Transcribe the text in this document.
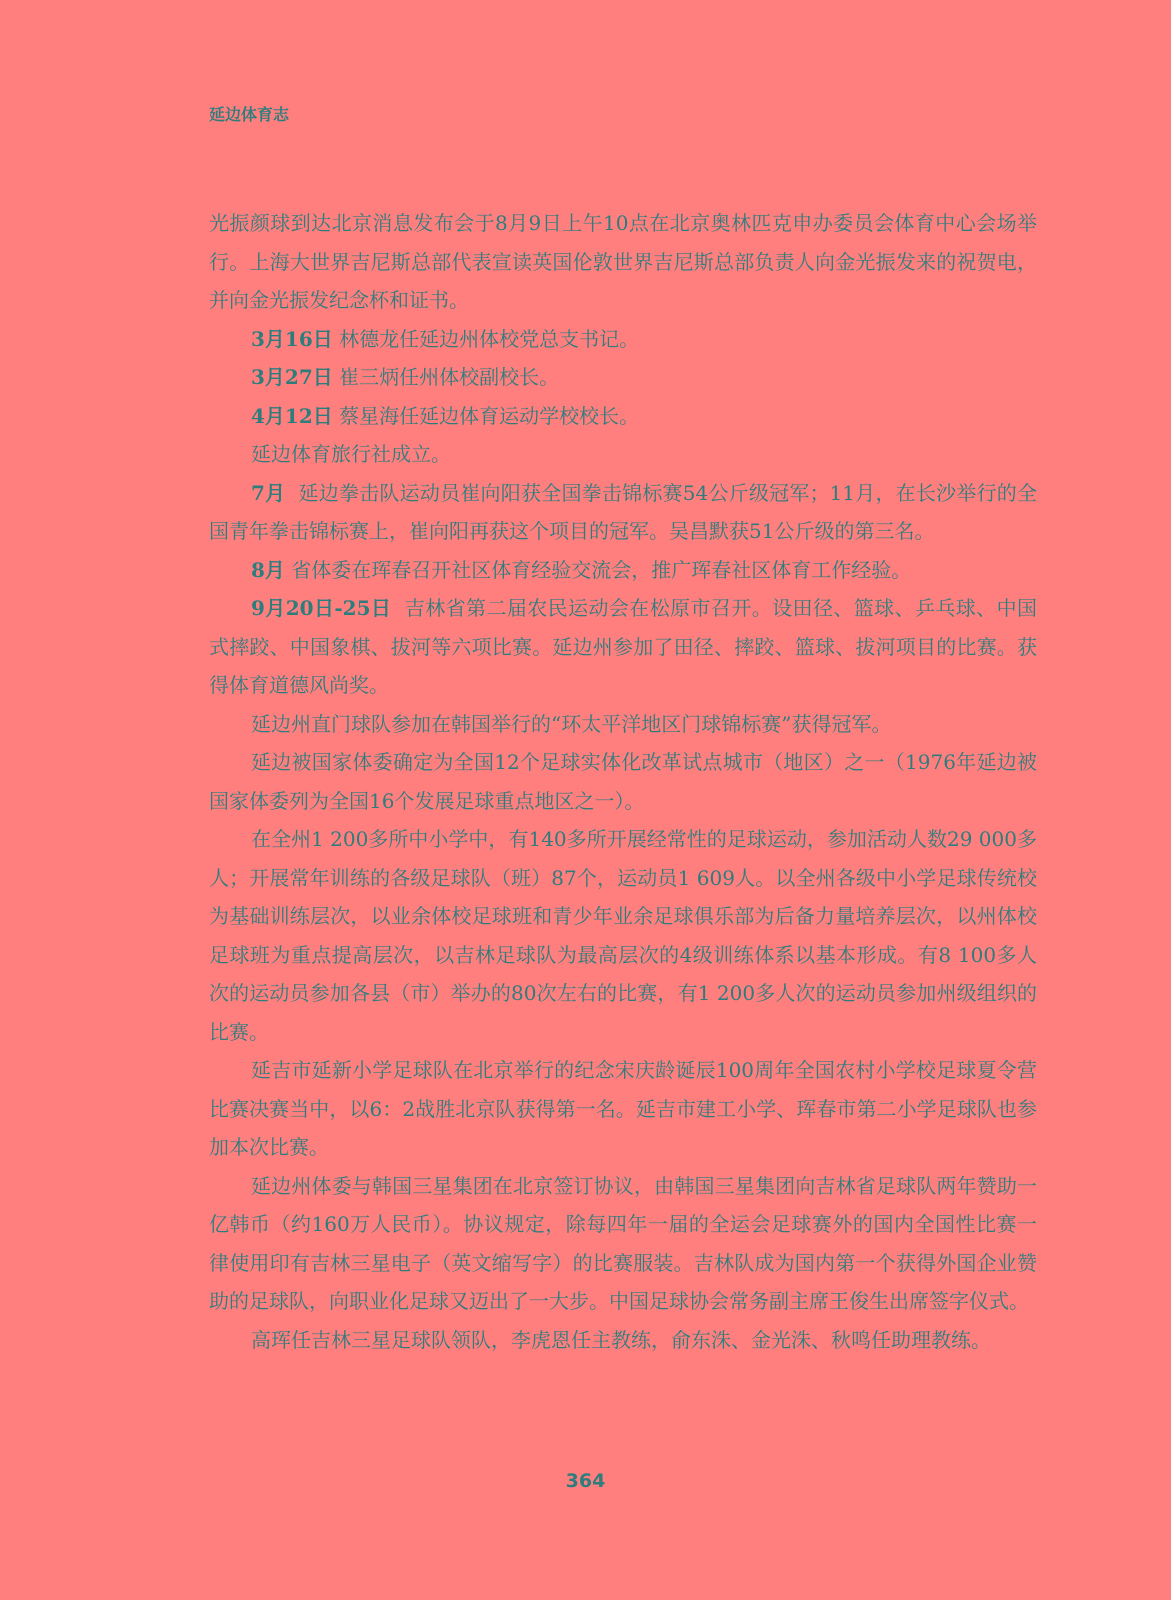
延边体育志

光振颜球到达北京消息发布会于8月9日上午10点在北京奥林匹克申办委员会体育中心会场举行。上海大世界吉尼斯总部代表宣读英国伦敦世界吉尼斯总部负责人向金光振发来的祝贺电，并向金光振发纪念杯和证书。

3月16日 林德龙任延边州体校党总支书记。

3月27日 崔三炳任州体校副校长。

4月12日 蔡星海任延边体育运动学校校长。

延边体育旅行社成立。

7月 延边拳击队运动员崔向阳获全国拳击锦标赛54公斤级冠军；11月，在长沙举行的全国青年拳击锦标赛上，崔向阳再获这个项目的冠军。吴昌默获51公斤级的第三名。

8月 省体委在珲春召开社区体育经验交流会，推广珲春社区体育工作经验。

9月20日-25日 吉林省第二届农民运动会在松原市召开。设田径、篮球、乒乓球、中国式摔跤、中国象棋、拔河等六项比赛。延边州参加了田径、摔跤、篮球、拔河项目的比赛。获得体育道德风尚奖。

延边州直门球队参加在韩国举行的“环太平洋地区门球锦标赛”获得冠军。

延边被国家体委确定为全国12个足球实体化改革试点城市（地区）之一（1976年延边被国家体委列为全国16个发展足球重点地区之一）。

在全州1 200多所中小学中，有140多所开展经常性的足球运动，参加活动人数29 000多人；开展常年训练的各级足球队（班）87个，运动员1 609人。以全州各级中小学足球传统校为基础训练层次，以业余体校足球班和青少年业余足球俱乐部为后备力量培养层次，以州体校足球班为重点提高层次，以吉林足球队为最高层次的4级训练体系以基本形成。有8 100多人次的运动员参加各县（市）举办的80次左右的比赛，有1 200多人次的运动员参加州级组织的比赛。

延吉市延新小学足球队在北京举行的纪念宋庆龄诞辰100周年全国农村小学校足球夏令营比赛决赛当中，以6：2战胜北京队获得第一名。延吉市建工小学、珲春市第二小学足球队也参加本次比赛。

延边州体委与韩国三星集团在北京签订协议，由韩国三星集团向吉林省足球队两年赞助一亿韩币（约160万人民币）。协议规定，除每四年一届的全运会足球赛外的国内全国性比赛一律使用印有吉林三星电子（英文缩写字）的比赛服装。吉林队成为国内第一个获得外国企业赞助的足球队，向职业化足球又迈出了一大步。中国足球协会常务副主席王俊生出席签字仪式。

高珲任吉林三星足球队领队，李虎恩任主教练，俞东洙、金光洙、秋鸣任助理教练。

364
